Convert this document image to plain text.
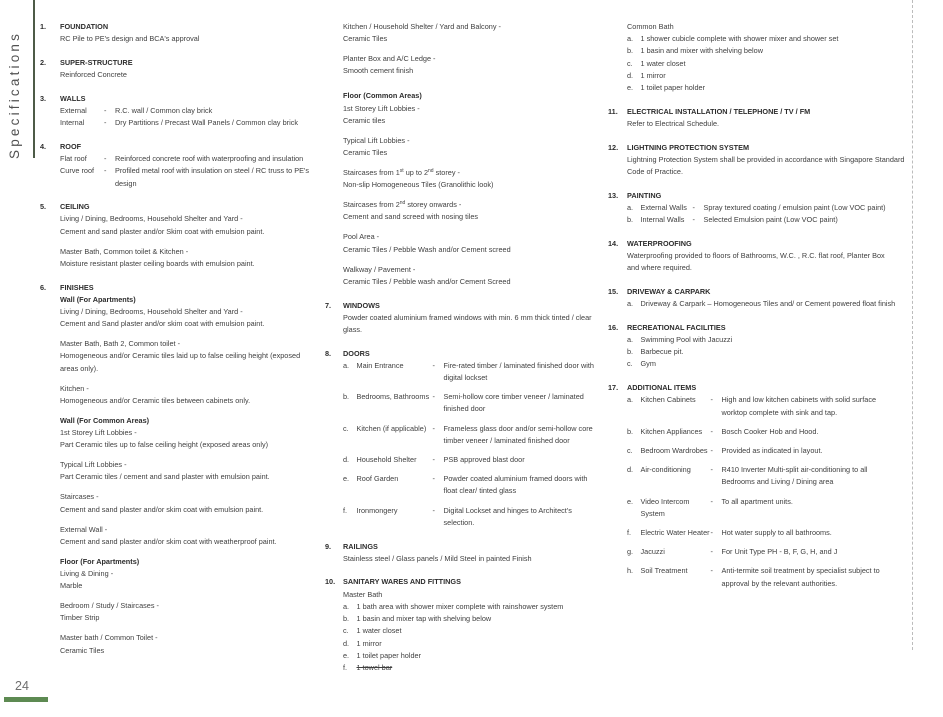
Specifications
1.	FOUNDATION
RC Pile to PE's design and BCA's approval
2.	SUPER-STRUCTURE
Reinforced Concrete
3.	WALLS
External	-	R.C. wall / Common clay brick
Internal	-	Dry Partitions / Precast Wall Panels / Common clay brick
4.	ROOF
Flat roof	-	Reinforced concrete roof with waterproofing and insulation
Curve roof	-	Profiled metal roof with insulation on steel / RC truss to PE's
design
5.	CEILING
Living / Dining, Bedrooms, Household Shelter and Yard -
Cement and sand plaster and/or Skim coat with emulsion paint.
Master Bath, Common toilet & Kitchen -
Moisture resistant plaster ceiling boards with emulsion paint.
6.	FINISHES
Wall (For Apartments)
Living / Dining, Bedrooms, Household Shelter and Yard -
Cement and Sand plaster and/or skim coat with emulsion paint.
Master Bath, Bath 2, Common toilet -
Homogeneous and/or Ceramic tiles laid up to false ceiling height (exposed
areas only).
Kitchen -
Homogeneous and/or Ceramic tiles between cabinets only.
Wall (For Common Areas)
1st Storey Lift Lobbies -
Part Ceramic tiles up to false ceiling height (exposed areas only)
Typical Lift Lobbies -
Part Ceramic tiles / cement and sand plaster with emulsion paint.
Staircases -
Cement and sand plaster and/or skim coat with emulsion paint.
External Wall -
Cement and sand plaster and/or skim coat with weatherproof paint.
Floor (For Apartments)
Living & Dining -
Marble
Bedroom / Study / Staircases -
Timber Strip
Master bath / Common Toilet -
Ceramic Tiles
Kitchen / Household Shelter / Yard and Balcony -
Ceramic Tiles
Planter Box and A/C Ledge -
Smooth cement finish
Floor (Common Areas)
1st Storey Lift Lobbies -
Ceramic tiles
Typical Lift Lobbies -
Ceramic Tiles
Staircases from 1st up to 2nd storey -
Non-slip Homogeneous Tiles (Granolithic look)
Staircases from 2nd storey onwards -
Cement and sand screed with nosing tiles
Pool Area -
Ceramic Tiles / Pebble Wash and/or Cement screed
Walkway / Pavement -
Ceramic Tiles / Pebble wash and/or Cement Screed
7.	WINDOWS
Powder coated aluminium framed windows with min. 6 mm thick tinted / clear
glass.
8.	DOORS
a.	Main Entrance	-	Fire-rated timber / laminated finished door with
digital lockset
b.	Bedrooms, Bathrooms -	Semi-hollow core timber veneer / laminated
finished door
c.	Kitchen (if applicable) -	Frameless glass door and/or semi-hollow core
timber veneer / laminated finished door
d.	Household Shelter	-	PSB approved blast door
e.	Roof Garden	-	Powder coated aluminium framed doors with
float clear/ tinted glass
f.	Ironmongery	-	Digital Lockset and hinges to Architect's selection.
9.	RAILINGS
Stainless steel / Glass panels / Mild Steel in painted Finish
10.	SANITARY WARES AND FITTINGS
Master Bath
a.	1 bath area with shower mixer complete with rainshower system
b.	1 basin and mixer tap with shelving below
c.	1 water closet
d.	1 mirror
e.	1 toilet paper holder
f.	1 towel bar
Common Bath
a.	1 shower cubicle complete with shower mixer and shower set
b.	1 basin and mixer with shelving below
c.	1 water closet
d.	1 mirror
e.	1 toilet paper holder
11.	ELECTRICAL INSTALLATION / TELEPHONE / TV / FM
Refer to Electrical Schedule.
12.	LIGHTNING PROTECTION SYSTEM
Lightning Protection System shall be provided in accordance with Singapore Standard
Code of Practice.
13.	PAINTING
a.	External Walls -	Spray textured coating / emulsion paint (Low VOC paint)
b.	Internal Walls	-	Selected Emulsion paint (Low VOC paint)
14.	WATERPROOFING
Waterproofing provided to floors of Bathrooms, W.C. , R.C. flat roof, Planter Box
and where required.
15.	DRIVEWAY & CARPARK
a.	Driveway & Carpark – Homogeneous Tiles and/ or Cement powered float finish
16.	RECREATIONAL FACILITIES
a.	Swimming Pool with Jacuzzi
b.	Barbecue pit.
c.	Gym
17.	ADDITIONAL ITEMS
a.	Kitchen Cabinets	-	High and low kitchen cabinets with solid surface
worktop complete with sink and tap.
b.	Kitchen Appliances	-	Bosch Cooker Hob and Hood.
c.	Bedroom Wardrobes -	Provided as indicated in layout.
d.	Air-conditioning	-	R410 Inverter Multi-split air-conditioning to all
Bedrooms and Living / Dining area
e.	Video Intercom System
-	To all apartment units.
f.	Electric Water Heater -	Hot water supply to all bathrooms.
g.	Jacuzzi	-	For Unit Type PH - B, F, G, H, and J
h.	Soil Treatment	-	Anti-termite soil treatment by specialist subject to
approval by the relevant authorities.
24
